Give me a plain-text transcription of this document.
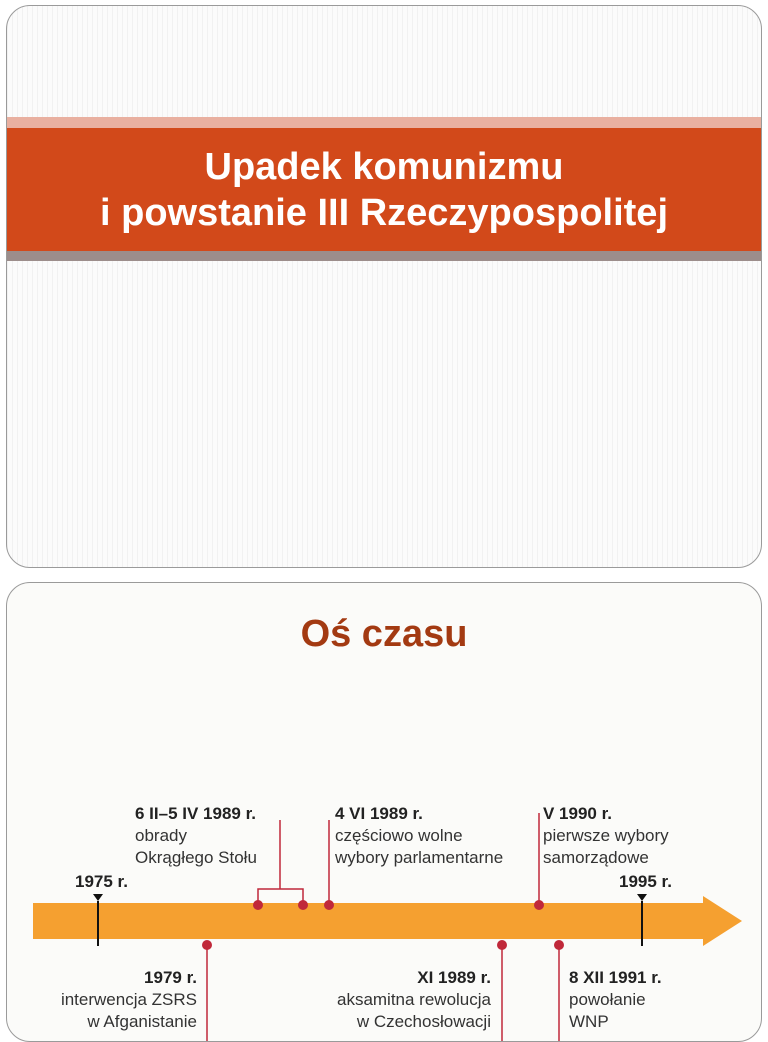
Upadek komunizmu
i powstanie III Rzeczypospolitej
Oś czasu
1975 r.	1995 r.
6 II–5 IV 1989 r.
obrady
Okrągłego Stołu
4 VI 1989 r.
częściowo wolne
wybory parlamentarne
V 1990 r.
pierwsze wybory
samorządowe
1979 r.
interwencja ZSRS
w Afganistanie
XI 1989 r.
aksamitna rewolucja
w Czechosłowacji
8 XII 1991 r.
powołanie
WNP
